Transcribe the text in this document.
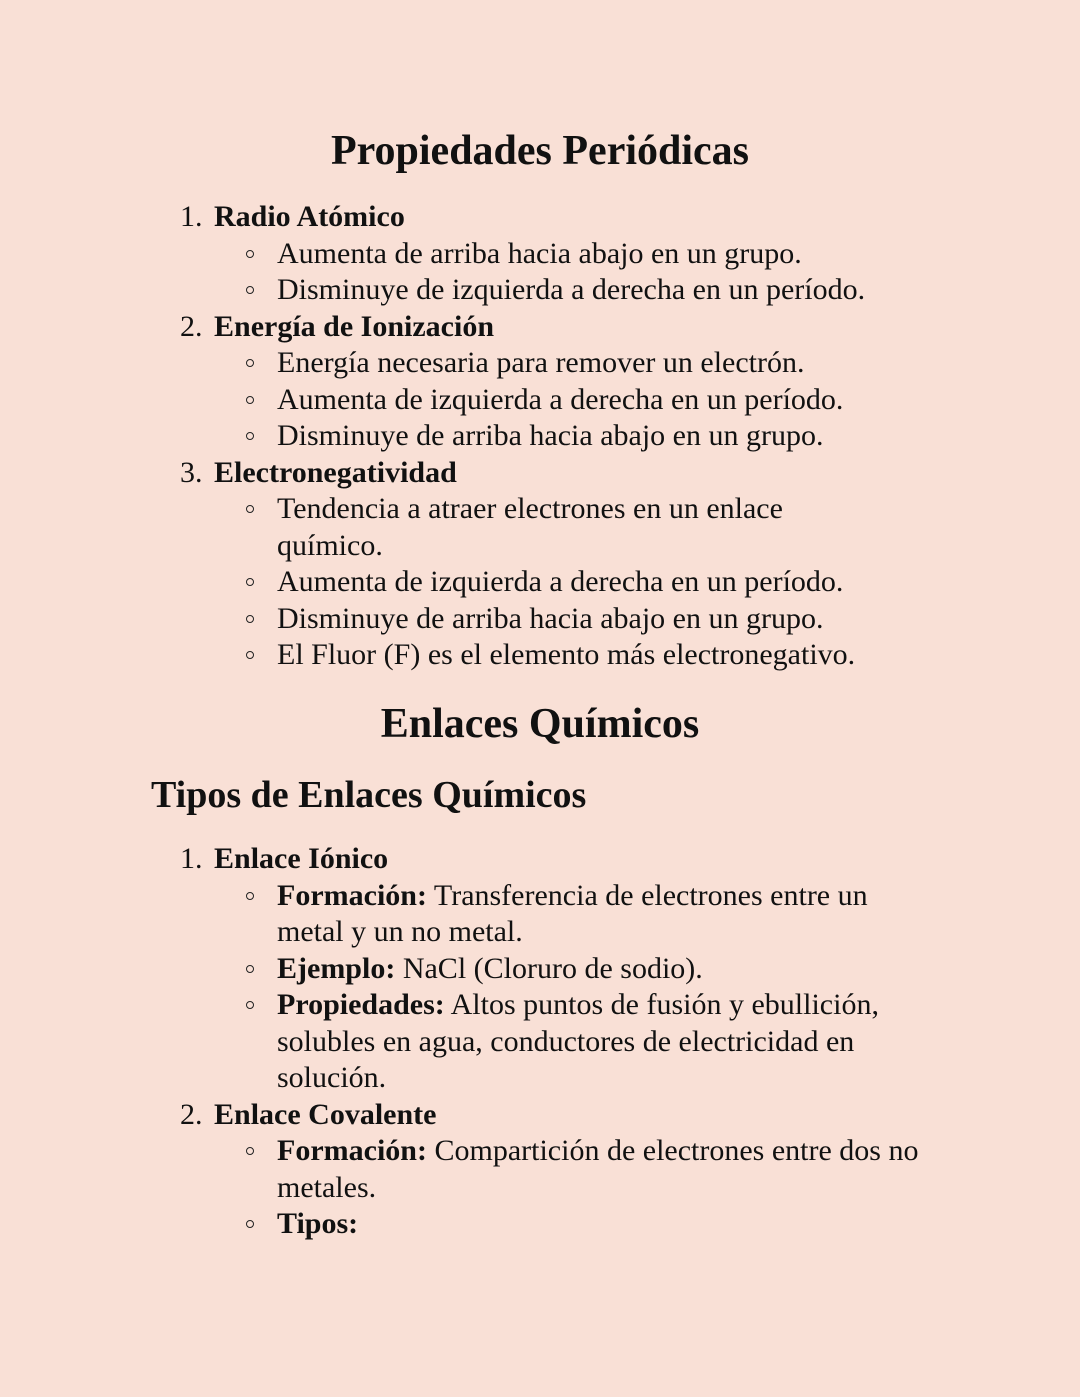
Propiedades Periódicas
1. Radio Atómico
Aumenta de arriba hacia abajo en un grupo.
Disminuye de izquierda a derecha en un período.
2. Energía de Ionización
Energía necesaria para remover un electrón.
Aumenta de izquierda a derecha en un período.
Disminuye de arriba hacia abajo en un grupo.
3. Electronegatividad
Tendencia a atraer electrones en un enlace químico.
Aumenta de izquierda a derecha en un período.
Disminuye de arriba hacia abajo en un grupo.
El Fluor (F) es el elemento más electronegativo.
Enlaces Químicos
Tipos de Enlaces Químicos
1. Enlace Iónico
Formación: Transferencia de electrones entre un metal y un no metal.
Ejemplo: NaCl (Cloruro de sodio).
Propiedades: Altos puntos de fusión y ebullición, solubles en agua, conductores de electricidad en solución.
2. Enlace Covalente
Formación: Compartición de electrones entre dos no metales.
Tipos:
